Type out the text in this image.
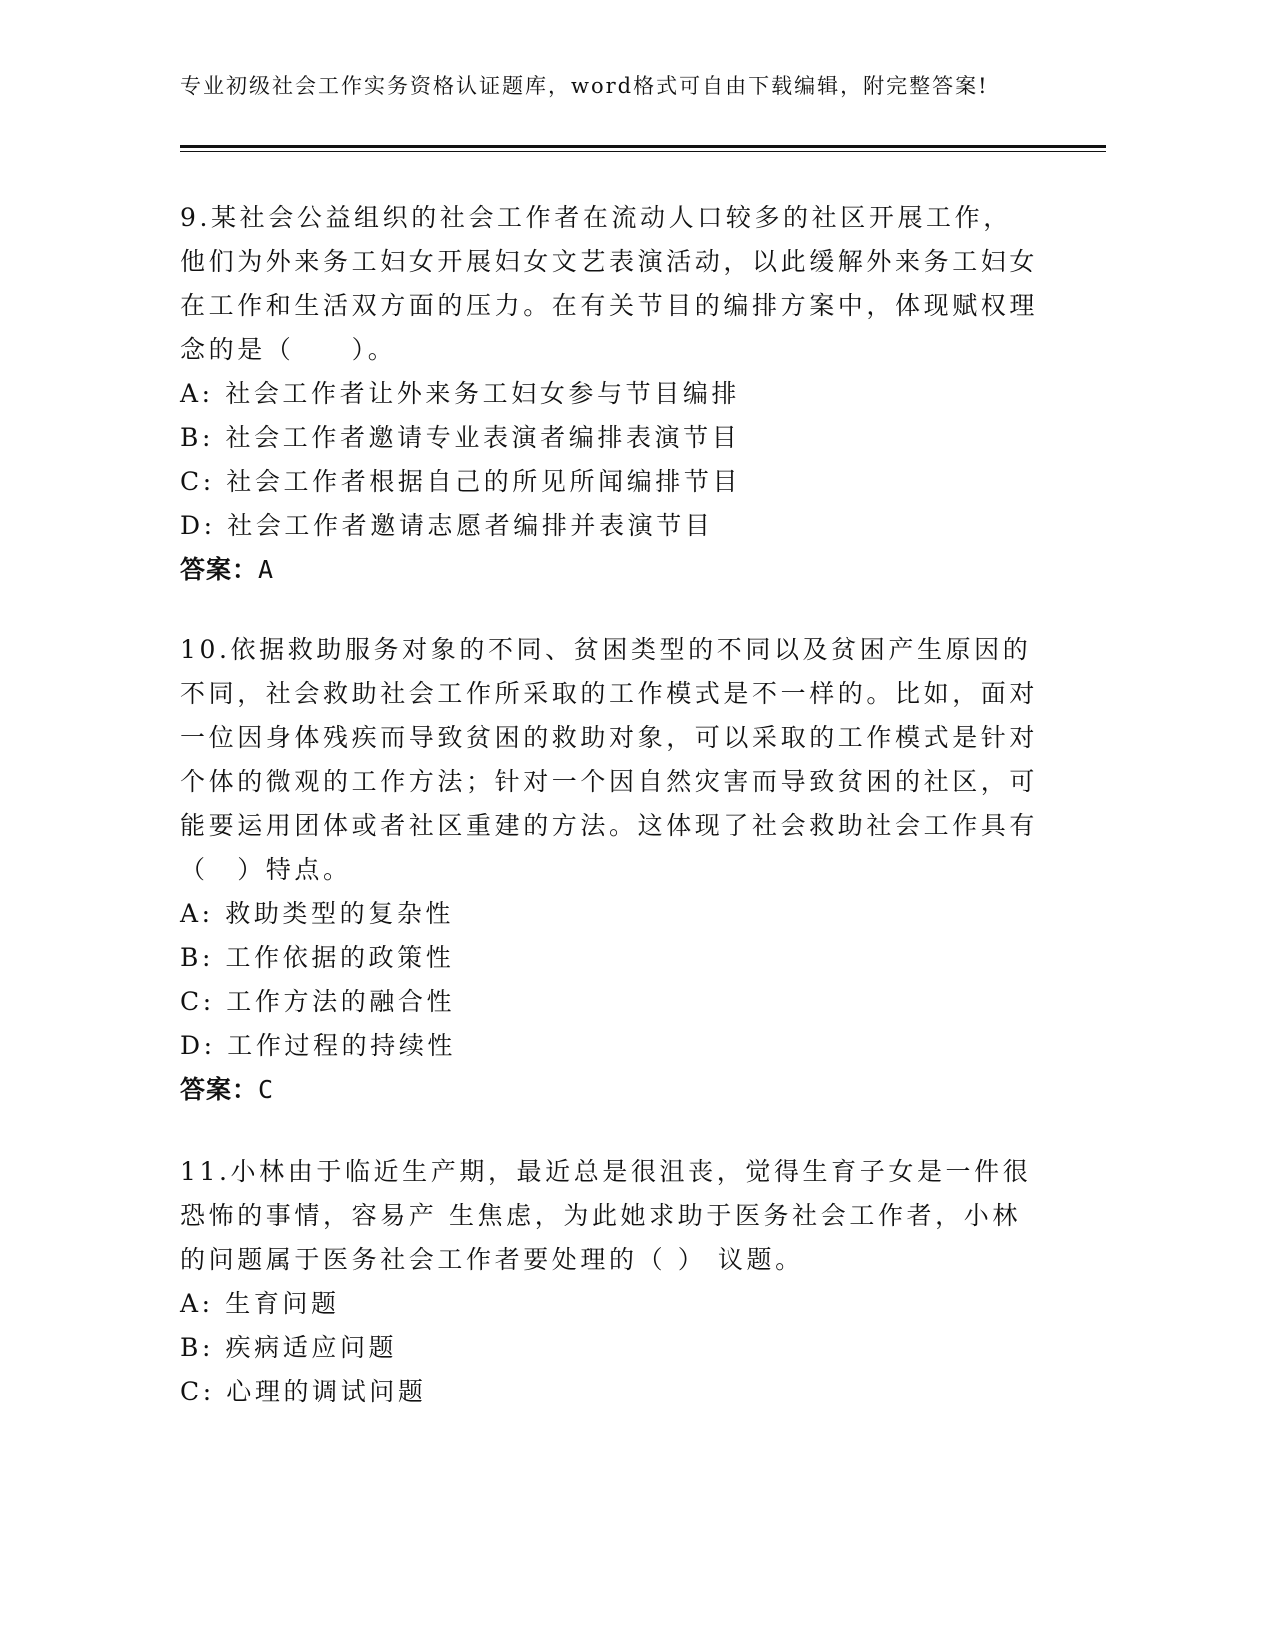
专业初级社会工作实务资格认证题库，word格式可自由下载编辑，附完整答案!

9.某社会公益组织的社会工作者在流动人口较多的社区开展工作，他们为外来务工妇女开展妇女文艺表演活动，以此缓解外来务工妇女在工作和生活双方面的压力。在有关节目的编排方案中，体现赋权理念的是（　　）。

A: 社会工作者让外来务工妇女参与节目编排

B: 社会工作者邀请专业表演者编排表演节目

C: 社会工作者根据自己的所见所闻编排节目

D: 社会工作者邀请志愿者编排并表演节目

答案：A

10.依据救助服务对象的不同、贫困类型的不同以及贫困产生原因的不同，社会救助社会工作所采取的工作模式是不一样的。比如，面对一位因身体残疾而导致贫困的救助对象，可以采取的工作模式是针对个体的微观的工作方法；针对一个因自然灾害而导致贫困的社区，可能要运用团体或者社区重建的方法。这体现了社会救助社会工作具有（　）特点。

A: 救助类型的复杂性

B: 工作依据的政策性

C: 工作方法的融合性

D: 工作过程的持续性

答案：C

11.小林由于临近生产期，最近总是很沮丧，觉得生育子女是一件很恐怖的事情，容易产 生焦虑，为此她求助于医务社会工作者，小林的问题属于医务社会工作者要处理的（ ） 议题。

A: 生育问题

B: 疾病适应问题

C: 心理的调试问题
